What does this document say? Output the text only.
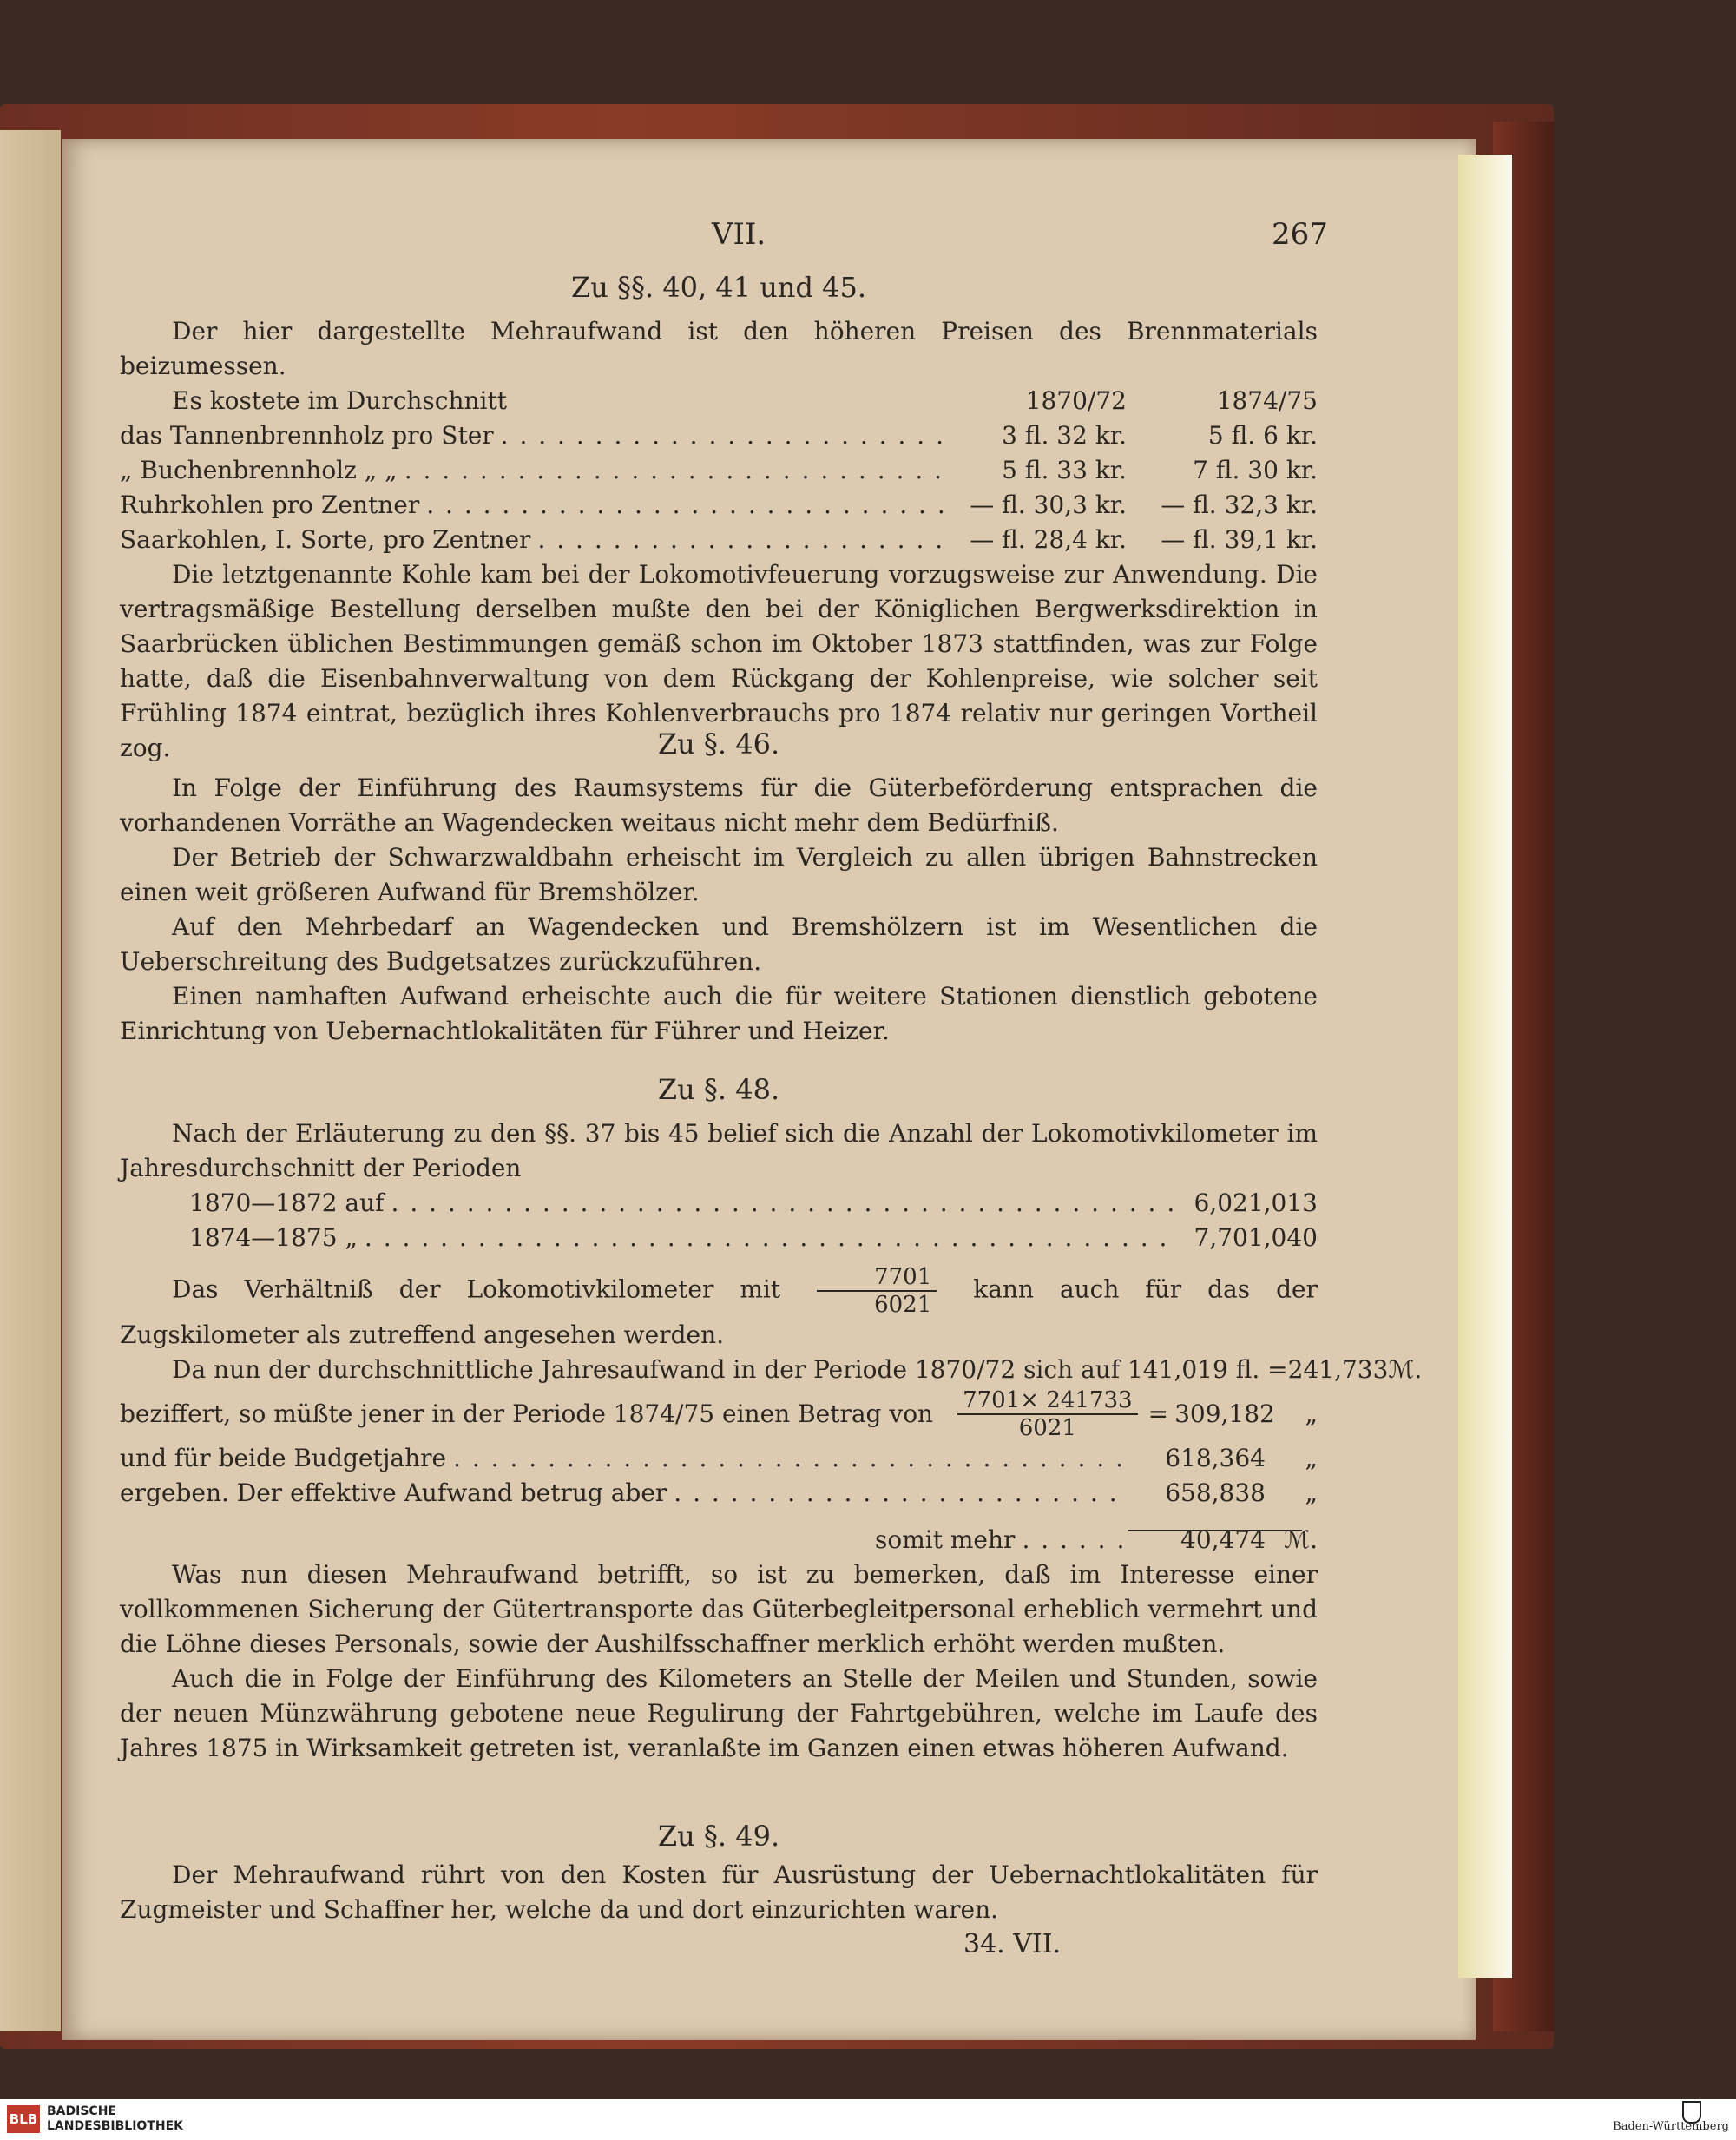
VII.	267
Zu §§. 40, 41 und 45.

Der hier dargestellte Mehraufwand ist den höheren Preisen des Brennmaterials beizumessen.

Es kostete im Durchschnitt	1870/72	1874/75
das Tannenbrennholz pro Ster . . .	3 fl. 32 kr.	5 fl. 6 kr.
„ Buchenbrennholz „ „ . . .	5 fl. 33 kr.	7 fl. 30 kr.
Ruhrkohlen pro Zentner . . .	— fl. 30,3 kr.	— fl. 32,3 kr.
Saarkohlen, I. Sorte, pro Zentner . . .	— fl. 28,4 kr.	— fl. 39,1 kr.

Die letztgenannte Kohle kam bei der Lokomotivfeuerung vorzugsweise zur Anwendung. Die vertragsmäßige Bestellung derselben mußte den bei der Königlichen Bergwerksdirektion in Saarbrücken üblichen Bestimmungen gemäß schon im Oktober 1873 stattfinden, was zur Folge hatte, daß die Eisenbahnverwaltung von dem Rückgang der Kohlenpreise, wie solcher seit Frühling 1874 eintrat, bezüglich ihres Kohlenverbrauchs pro 1874 relativ nur geringen Vortheil zog.	Zu §. 46.

In Folge der Einführung des Raumsystems für die Güterbeförderung entsprachen die vorhandenen Vorräthe an Wagendecken weitaus nicht mehr dem Bedürfniß.

Der Betrieb der Schwarzwaldbahn erheischt im Vergleich zu allen übrigen Bahnstrecken einen weit größeren Aufwand für Bremshölzer.

Auf den Mehrbedarf an Wagendecken und Bremshölzern ist im Wesentlichen die Ueberschreitung des Budgetsatzes zurückzuführen.

Einen namhaften Aufwand erheischte auch die für weitere Stationen dienstlich gebotene Einrichtung von Uebernachtlokalitäten für Führer und Heizer.

Zu §. 48.

Nach der Erläuterung zu den §§. 37 bis 45 belief sich die Anzahl der Lokomotivkilometer im Jahresdurchschnitt der Perioden

1870—1872 auf . . .	6,021,013
1874—1875 „ . . .	7,701,040

Das Verhältniß der Lokomotivkilometer mit $\frac{7701}{6021}$ kann auch für das der Zugskilometer als zutreffend angesehen werden.

Da nun der durchschnittliche Jahresaufwand in der Periode 1870/72 sich auf 141,019 fl. = 241,733 ℳ.
beziffert, so müßte jener in der Periode 1874/75 einen Betrag von $\frac{7701\times 241733}{6021} = 309,182$	„
und für beide Budgetjahre . . .	618,364	„
ergeben. Der effektive Aufwand betrug aber . . .	658,838	„
somit mehr . . .	40,474 ℳ.

Was nun diesen Mehraufwand betrifft, so ist zu bemerken, daß im Interesse einer vollkommenen Sicherung der Gütertransporte das Güterbegleitpersonal erheblich vermehrt und die Löhne dieses Personals, sowie der Aushilfsschaffner merklich erhöht werden mußten.

Auch die in Folge der Einführung des Kilometers an Stelle der Meilen und Stunden, sowie der neuen Münzwährung gebotene neue Regulirung der Fahrtgebühren, welche im Laufe des Jahres 1875 in Wirksamkeit getreten ist, veranlaßte im Ganzen einen etwas höheren Aufwand.

Zu §. 49.

Der Mehraufwand rührt von den Kosten für Ausrüstung der Uebernachtlokalitäten für Zugmeister und Schaffner her, welche da und dort einzurichten waren.

34. VII.
BLB BADISCHE
LANDESBIBLIOTHEK	Baden-Württemberg
